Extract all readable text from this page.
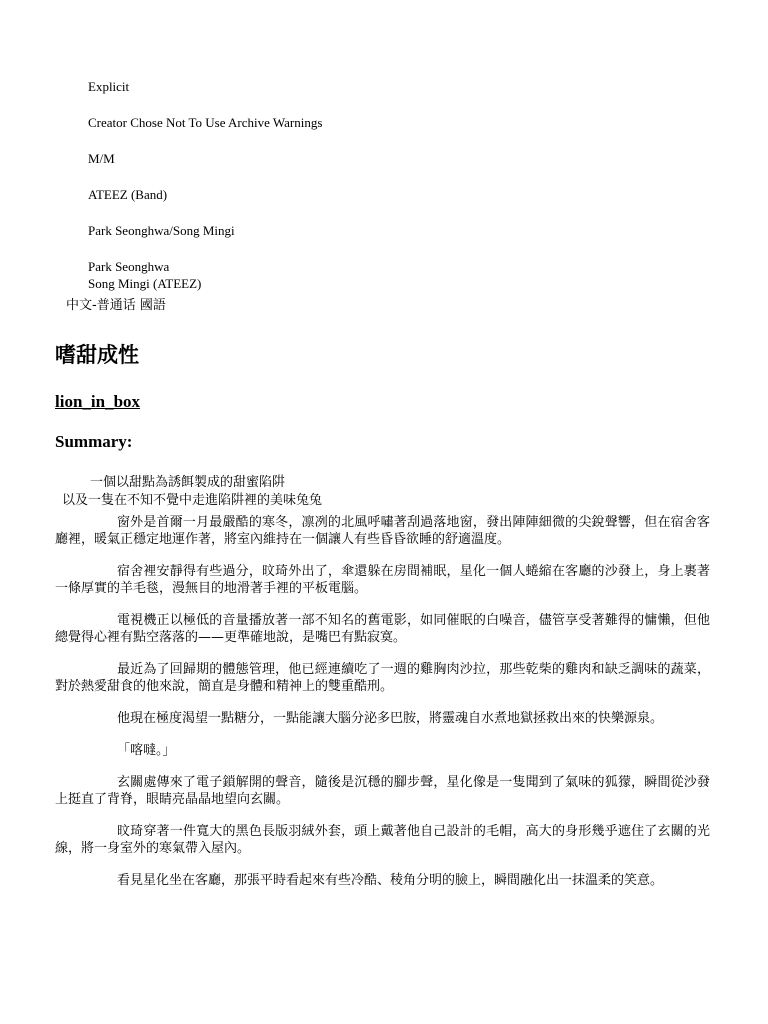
Explicit
Creator Chose Not To Use Archive Warnings
M/M
ATEEZ (Band)
Park Seonghwa/Song Mingi
Park Seonghwa
Song Mingi (ATEEZ)
中文-普通话 國語
嗜甜成性
lion_in_box
Summary:
一個以甜點為誘餌製成的甜蜜陷阱
以及一隻在不知不覺中走進陷阱裡的美味兔兔

窗外是首爾一月最嚴酷的寒冬，凛冽的北風呼嘯著刮過落地窗，發出陣陣細微的尖銳聲響，但在宿舍客廳裡，暖氣正穩定地運作著，將室內維持在一個讓人有些昏昏欲睡的舒適溫度。

宿舍裡安靜得有些過分，旼琦外出了，傘還躲在房間補眠，星化一個人蜷縮在客廳的沙發上，身上裹著一條厚實的羊毛毯，漫無目的地滑著手裡的平板電腦。

電視機正以極低的音量播放著一部不知名的舊電影，如同催眠的白噪音，儘管享受著難得的慵懶，但他總覺得心裡有點空落落的——更準確地說，是嘴巴有點寂寞。

最近為了回歸期的體態管理，他已經連續吃了一週的雞胸肉沙拉，那些乾柴的雞肉和缺乏調味的蔬菜，對於熱愛甜食的他來說，簡直是身體和精神上的雙重酷刑。

他現在極度渴望一點糖分，一點能讓大腦分泌多巴胺，將靈魂自水煮地獄拯救出來的快樂源泉。

「喀噠。」

玄關處傳來了電子鎖解開的聲音，隨後是沉穩的腳步聲，星化像是一隻聞到了氣味的狐獴，瞬間從沙發上挺直了背脊，眼睛亮晶晶地望向玄關。

旼琦穿著一件寬大的黑色長版羽絨外套，頭上戴著他自己設計的毛帽，高大的身形幾乎遮住了玄關的光線，將一身室外的寒氣帶入屋內。

看見星化坐在客廳，那張平時看起來有些冷酷、稜角分明的臉上，瞬間融化出一抹溫柔的笑意。
